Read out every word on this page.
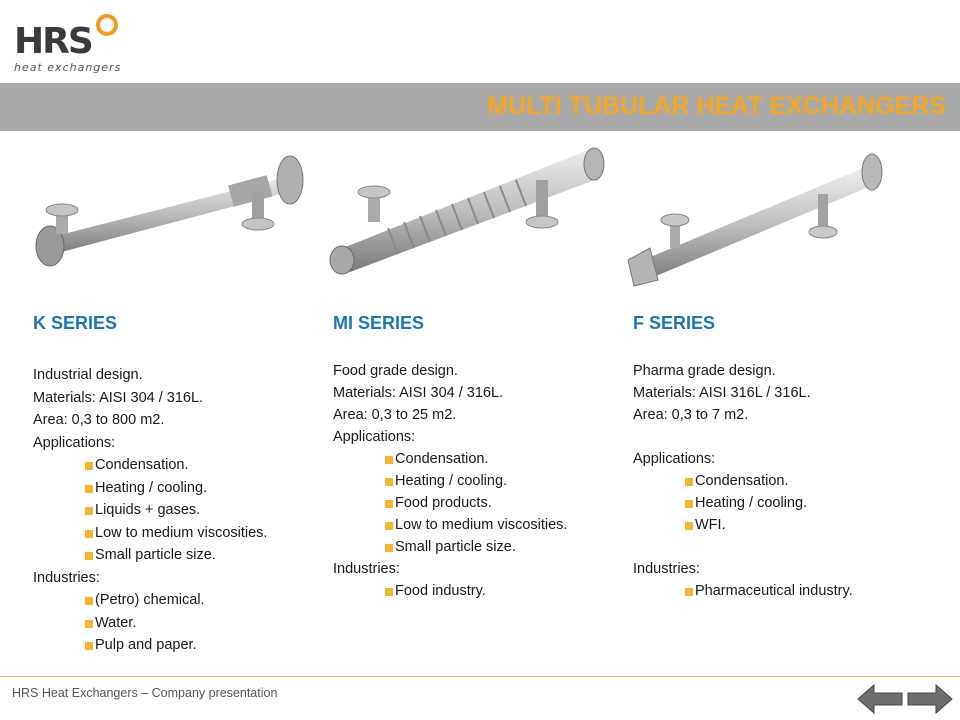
HRS
heat exchangers
MULTI TUBULAR HEAT EXCHANGERS
K SERIES
Industrial design.
Materials: AISI 304 / 316L.
Area: 0,3 to 800 m2.
Applications:
Condensation.
Heating / cooling.
Liquids + gases.
Low to medium viscosities.
Small particle size.
Industries:
(Petro) chemical.
Water.
Pulp and paper.
MI SERIES
Food grade design.
Materials: AISI 304 / 316L.
Area: 0,3 to 25 m2.
Applications:
Condensation.
Heating / cooling.
Food products.
Low to medium viscosities.
Small particle size.
Industries:
Food industry.
F SERIES
Pharma grade design.
Materials: AISI 316L / 316L.
Area: 0,3 to 7 m2.
Applications:
Condensation.
Heating / cooling.
WFI.
Industries:
Pharmaceutical industry.
HRS Heat Exchangers – Company presentation
